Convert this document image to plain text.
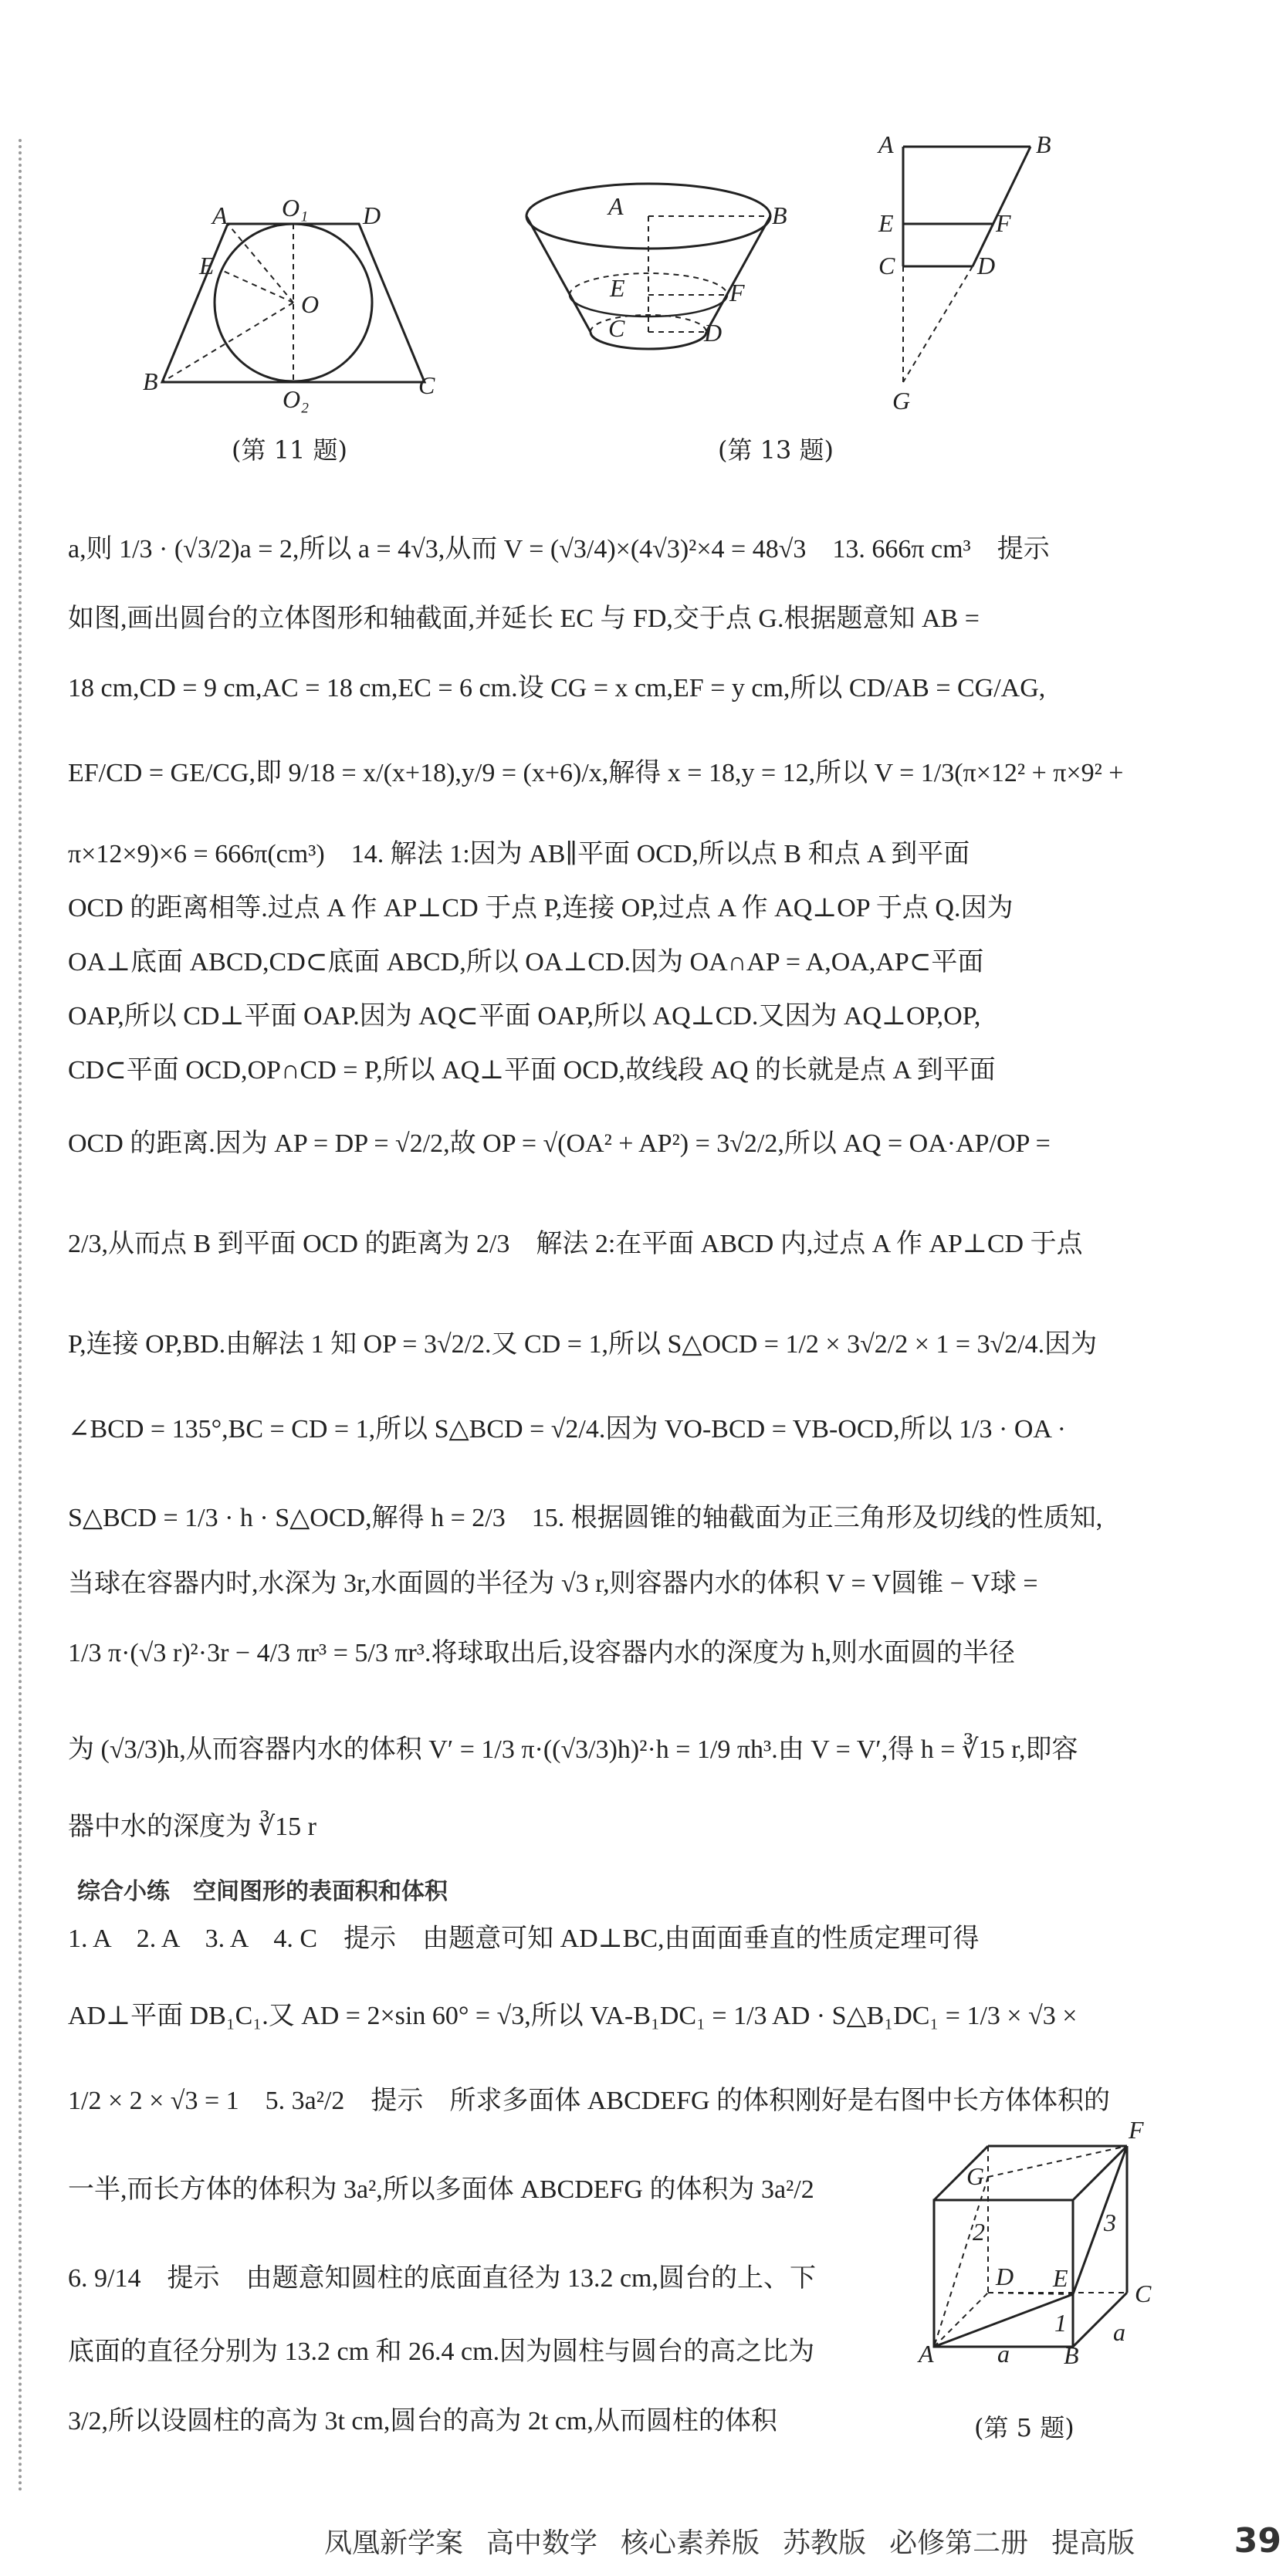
A O₁ D
E
O
B
O₂	C
(第 11 题)
A	B
E	F
C	D
A	B
E	F
C	D
G
(第 13 题)
a,则 1/3 · (√3/2)a = 2,所以 a = 4√3,从而 V = (√3/4)×(4√3)²×4 = 48√3　13. 666π cm³　提示
如图,画出圆台的立体图形和轴截面,并延长 EC 与 FD,交于点 G.根据题意知 AB =
18 cm,CD = 9 cm,AC = 18 cm,EC = 6 cm.设 CG = x cm,EF = y cm,所以 CD/AB = CG/AG,
EF/CD = GE/CG,即 9/18 = x/(x+18),y/9 = (x+6)/x,解得 x = 18,y = 12,所以 V = 1/3(π×12² + π×9² +
π×12×9)×6 = 666π(cm³)　14. 解法 1:因为 AB∥平面 OCD,所以点 B 和点 A 到平面
OCD 的距离相等.过点 A 作 AP⊥CD 于点 P,连接 OP,过点 A 作 AQ⊥OP 于点 Q.因为
OA⊥底面 ABCD,CD⊂底面 ABCD,所以 OA⊥CD.因为 OA∩AP = A,OA,AP⊂平面
OAP,所以 CD⊥平面 OAP.因为 AQ⊂平面 OAP,所以 AQ⊥CD.又因为 AQ⊥OP,OP,
CD⊂平面 OCD,OP∩CD = P,所以 AQ⊥平面 OCD,故线段 AQ 的长就是点 A 到平面
OCD 的距离.因为 AP = DP = √2/2,故 OP = √(OA² + AP²) = 3√2/2,所以 AQ = OA·AP/OP =
2/3,从而点 B 到平面 OCD 的距离为 2/3　解法 2:在平面 ABCD 内,过点 A 作 AP⊥CD 于点
P,连接 OP,BD.由解法 1 知 OP = 3√2/2.又 CD = 1,所以 S△OCD = 1/2 × 3√2/2 × 1 = 3√2/4.因为
∠BCD = 135°,BC = CD = 1,所以 S△BCD = √2/4.因为 VO-BCD = VB-OCD,所以 1/3 · OA ·
S△BCD = 1/3 · h · S△OCD,解得 h = 2/3　15. 根据圆锥的轴截面为正三角形及切线的性质知,
当球在容器内时,水深为 3r,水面圆的半径为 √3 r,则容器内水的体积 V = V圆锥 − V球 =
1/3 π·(√3 r)²·3r − 4/3 πr³ = 5/3 πr³.将球取出后,设容器内水的深度为 h,则水面圆的半径
为 (√3/3)h,从而容器内水的体积 V′ = 1/3 π·((√3/3)h)²·h = 1/9 πh³.由 V = V′,得 h = ∛15 r,即容
器中水的深度为 ∛15 r
综合小练　空间图形的表面积和体积
1. A　2. A　3. A　4. C　提示　由题意可知 AD⊥BC,由面面垂直的性质定理可得
AD⊥平面 DB₁C₁.又 AD = 2×sin 60° = √3,所以 VA-B₁DC₁ = 1/3 AD · S△B₁DC₁ = 1/3 × √3 ×
1/2 × 2 × √3 = 1　5. 3a²/2　提示　所求多面体 ABCDEFG 的体积刚好是右图中长方体体积的
一半,而长方体的体积为 3a²,所以多面体 ABCDEFG 的体积为 3a²/2
6. 9/14　提示　由题意知圆柱的底面直径为 13.2 cm,圆台的上、下
底面的直径分别为 13.2 cm 和 26.4 cm.因为圆柱与圆台的高之比为
3/2,所以设圆柱的高为 3t cm,圆台的高为 2t cm,从而圆柱的体积
F
G
3
2
D E
C
1 a
A	a B
(第 5 题)
凤凰新学案 高中数学 核心素养版 苏教版 必修第二册 提高版	39
